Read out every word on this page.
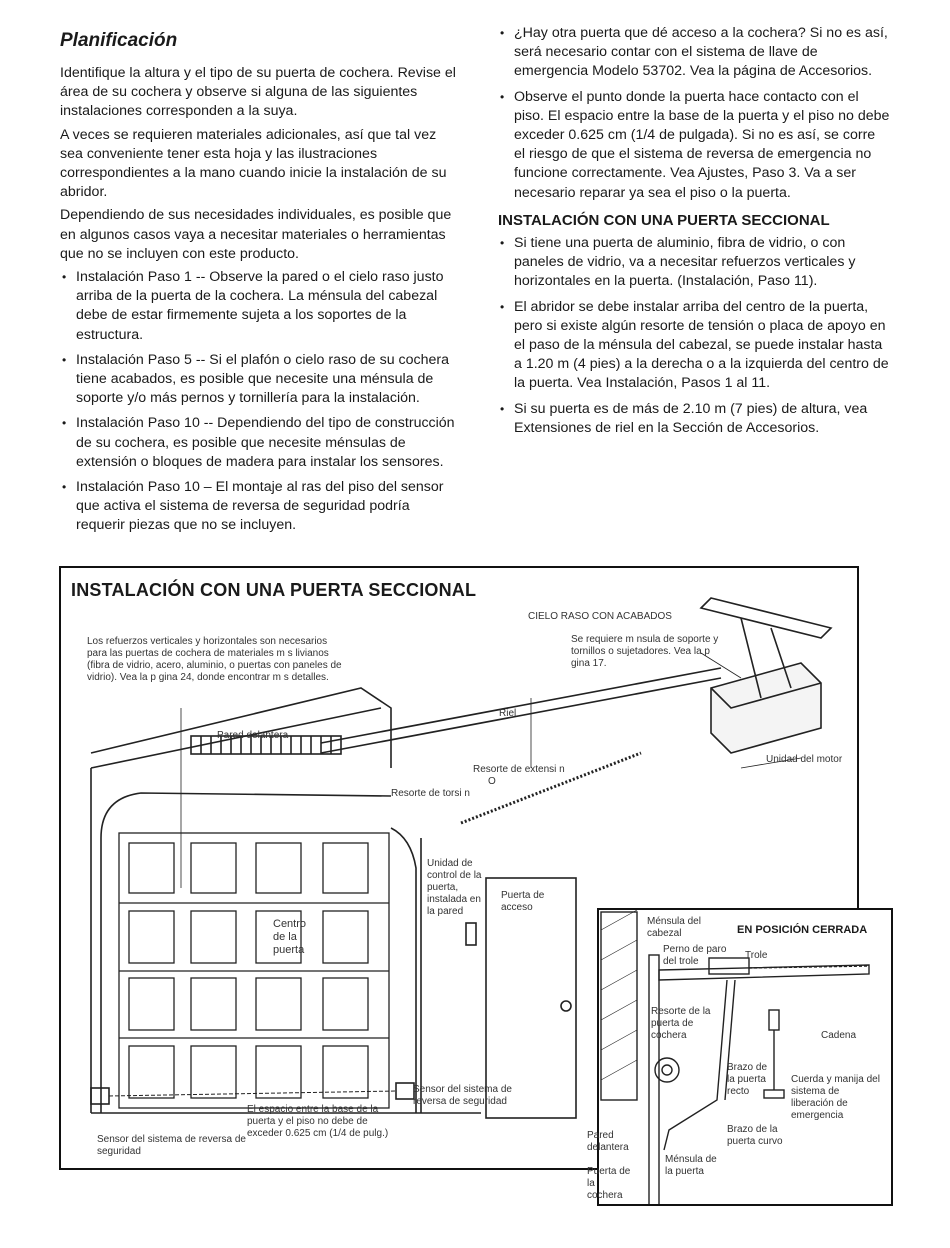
Planificación

Identifique la altura y el tipo de su puerta de cochera. Revise el área de su cochera y observe si alguna de las siguientes instalaciones corresponden a la suya.

A veces se requieren materiales adicionales, así que tal vez sea conveniente tener esta hoja y las ilustraciones correspondientes a la mano cuando inicie la instalación de su abridor.

Dependiendo de sus necesidades individuales, es posible que en algunos casos vaya a necesitar materiales o herramientas que no se incluyen con este producto.

• Instalación Paso 1 -- Observe la pared o el cielo raso justo arriba de la puerta de la cochera. La ménsula del cabezal debe de estar firmemente sujeta a los soportes de la estructura.
• Instalación Paso 5 -- Si el plafón o cielo raso de su cochera tiene acabados, es posible que necesite una ménsula de soporte y/o más pernos y tornillería para la instalación.
• Instalación Paso 10 -- Dependiendo del tipo de construcción de su cochera, es posible que necesite ménsulas de extensión o bloques de madera para instalar los sensores.
• Instalación Paso 10 – El montaje al ras del piso del sensor que activa el sistema de reversa de seguridad podría requerir piezas que no se incluyen.
• ¿Hay otra puerta que dé acceso a la cochera? Si no es así, será necesario contar con el sistema de llave de emergencia Modelo 53702. Vea la página de Accesorios.
• Observe el punto donde la puerta hace contacto con el piso. El espacio entre la base de la puerta y el piso no debe exceder 0.625 cm (1/4 de pulgada). Si no es así, se corre el riesgo de que el sistema de reversa de emergencia no funcione correctamente. Vea Ajustes, Paso 3. Va a ser necesario reparar ya sea el piso o la puerta.
INSTALACIÓN CON UNA PUERTA SECCIONAL
• Si tiene una puerta de aluminio, fibra de vidrio, o con paneles de vidrio, va a necesitar refuerzos verticales y horizontales en la puerta. (Instalación, Paso 11).
• El abridor se debe instalar arriba del centro de la puerta, pero si existe algún resorte de tensión o placa de apoyo en el paso de la ménsula del cabezal, se puede instalar hasta a 1.20 m (4 pies) a la derecha o a la izquierda del centro de la puerta. Vea Instalación, Pasos 1 al 11.
• Si su puerta es de más de 2.10 m (7 pies) de altura, vea Extensiones de riel en la Sección de Accesorios.
INSTALACIÓN CON UNA PUERTA SECCIONAL
Los refuerzos verticales y horizontales son necesarios para las puertas de cochera de materiales m s livianos (fibra de vidrio, acero, aluminio, o puertas con paneles de vidrio). Vea la p gina 24, donde encontrar m s detalles.
CIELO RASO CON ACABADOS
Se requiere m nsula de soporte y tornillos o sujetadores. Vea la p gina 17.
Riel
Pared delantera
Resorte de extensi n
O
Resorte de torsi n
Unidad del motor
Unidad de control de la puerta, instalada en la pared
Puerta de acceso
Centro de la puerta
Sensor del sistema de reversa de seguridad
El espacio entre la base de la puerta y el piso no debe de exceder 0.625 cm (1/4 de pulg.)
Sensor del sistema de reversa de seguridad
EN POSICIÓN CERRADA
Ménsula del cabezal
Perno de paro del trole
Trole
Resorte de la puerta de cochera	Cadena
Brazo de la puerta recto
Cuerda y manija del sistema de liberación de emergencia
Brazo de la puerta curvo
Pared delantera
Ménsula de la puerta
Puerta de la cochera
